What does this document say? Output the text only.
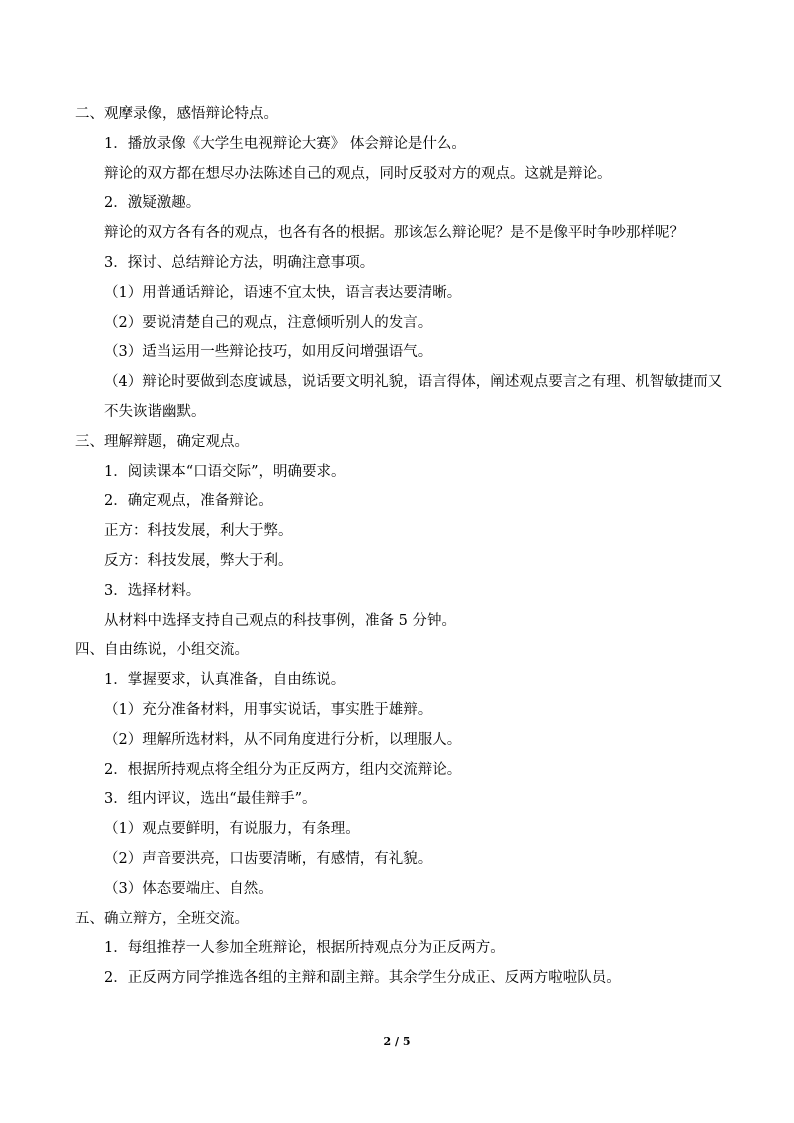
二、观摩录像，感悟辩论特点。
1．播放录像《大学生电视辩论大赛》 体会辩论是什么。
辩论的双方都在想尽办法陈述自己的观点，同时反驳对方的观点。这就是辩论。
2．激疑激趣。
辩论的双方各有各的观点，也各有各的根据。那该怎么辩论呢？是不是像平时争吵那样呢？
3．探讨、总结辩论方法，明确注意事项。
（1）用普通话辩论，语速不宜太快，语言表达要清晰。
（2）要说清楚自己的观点，注意倾听别人的发言。
（3）适当运用一些辩论技巧，如用反问增强语气。
（4）辩论时要做到态度诚恳，说话要文明礼貌，语言得体，阐述观点要言之有理、机智敏捷而又不失诙谐幽默。
三、理解辩题，确定观点。
1．阅读课本“口语交际”，明确要求。
2．确定观点，准备辩论。
正方：科技发展，利大于弊。
反方：科技发展，弊大于利。
3．选择材料。
从材料中选择支持自己观点的科技事例，准备 5 分钟。
四、自由练说，小组交流。
1．掌握要求，认真准备，自由练说。
（1）充分准备材料，用事实说话，事实胜于雄辩。
（2）理解所选材料，从不同角度进行分析，以理服人。
2．根据所持观点将全组分为正反两方，组内交流辩论。
3．组内评议，选出“最佳辩手”。
（1）观点要鲜明，有说服力，有条理。
（2）声音要洪亮，口齿要清晰，有感情，有礼貌。
（3）体态要端庄、自然。
五、确立辩方，全班交流。
1．每组推荐一人参加全班辩论，根据所持观点分为正反两方。
2．正反两方同学推选各组的主辩和副主辩。其余学生分成正、反两方啦啦队员。
2 / 5
